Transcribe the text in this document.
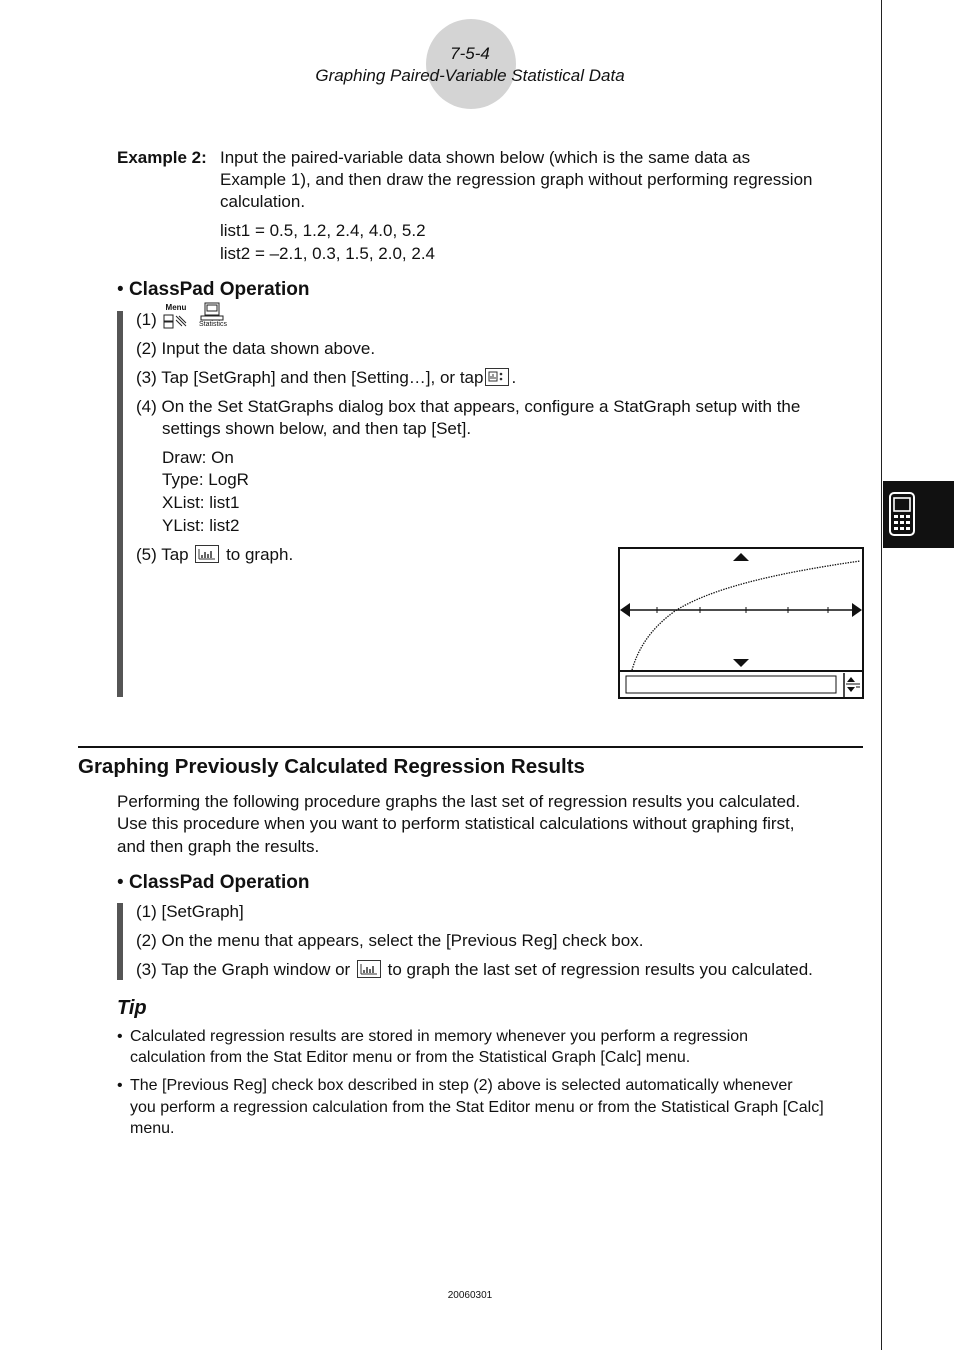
7-5-4
Graphing Paired-Variable Statistical Data
Example 2: Input the paired-variable data shown below (which is the same data as
Example 1), and then draw the regression graph without performing regression
calculation.
list1 = 0.5, 1.2, 2.4, 4.0, 5.2
list2 = –2.1, 0.3, 1.5, 2.0, 2.4
• ClassPad Operation
(1)
Menu
Statistics
(2) Input the data shown above.
(3) Tap [SetGraph] and then [Setting…], or tap .
(4) On the Set StatGraphs dialog box that appears, configure a StatGraph setup with the
settings shown below, and then tap [Set].
Draw: On
Type: LogR
XList: list1
YList: list2
(5) Tap to graph.
Graphing Previously Calculated Regression Results
Performing the following procedure graphs the last set of regression results you calculated.
Use this procedure when you want to perform statistical calculations without graphing first,
and then graph the results.
• ClassPad Operation
(1) [SetGraph]
(2) On the menu that appears, select the [Previous Reg] check box.
(3) Tap the Graph window or to graph the last set of regression results you calculated.
Tip
• Calculated regression results are stored in memory whenever you perform a regression
calculation from the Stat Editor menu or from the Statistical Graph [Calc] menu.
• The [Previous Reg] check box described in step (2) above is selected automatically whenever
you perform a regression calculation from the Stat Editor menu or from the Statistical Graph [Calc]
menu.
20060301
